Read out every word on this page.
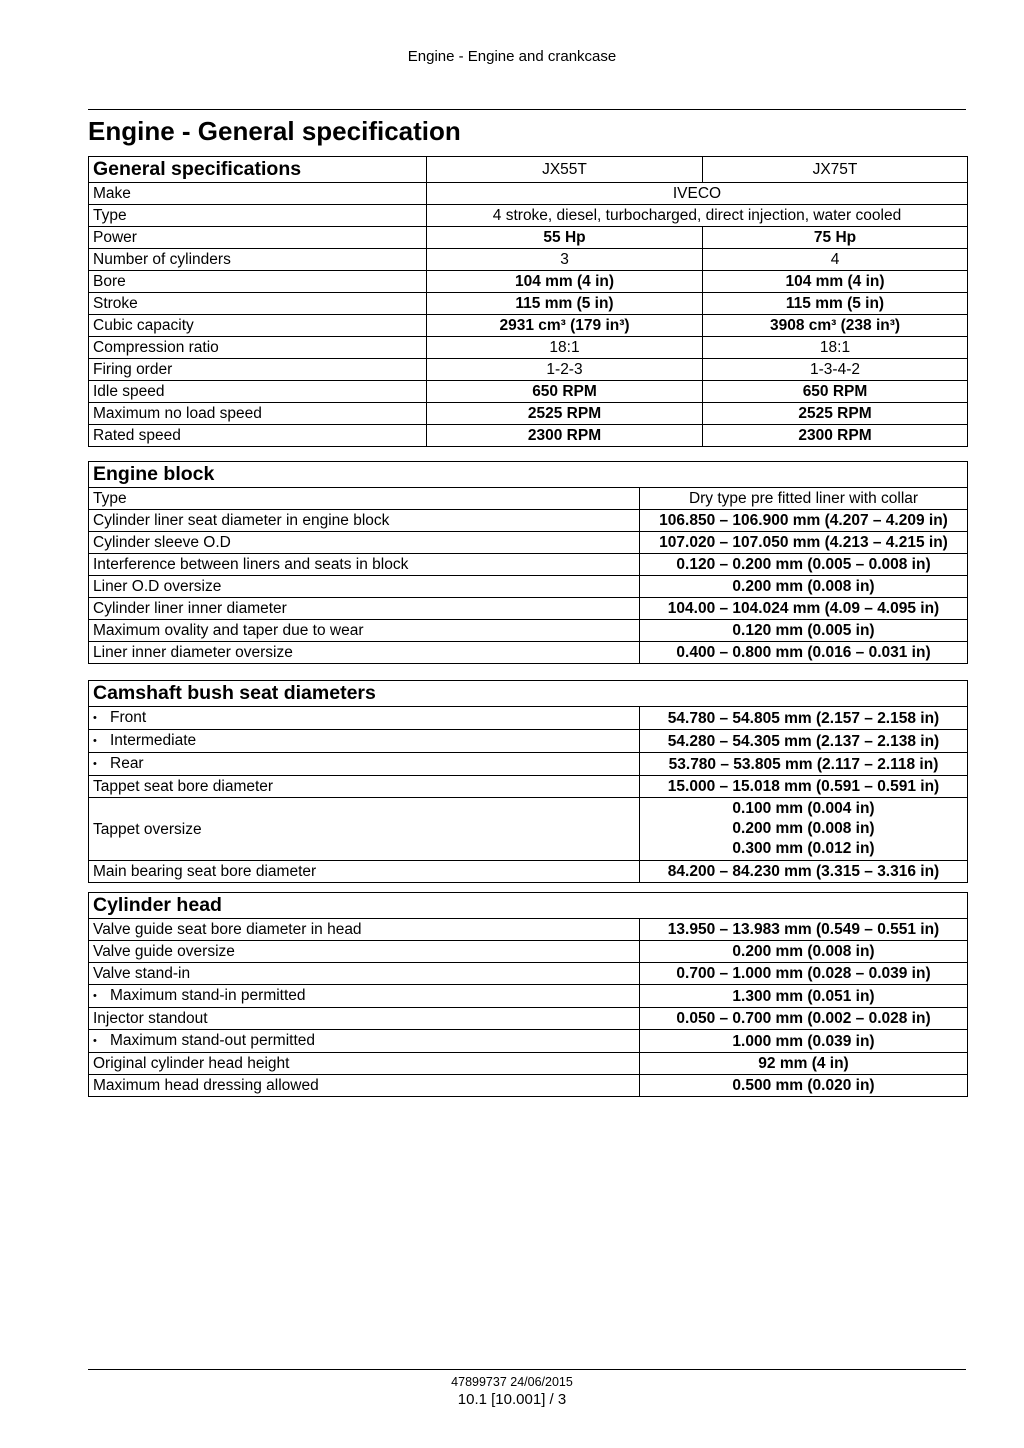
Engine - Engine and crankcase
Engine - General specification
General specifications	JX55T	JX75T
Make	IVECO	
Type	4 stroke, diesel, turbocharged, direct injection, water cooled	
Power	55 Hp	75 Hp
Number of cylinders	3	4
Bore	104 mm (4 in)	104 mm (4 in)
Stroke	115 mm (5 in)	115 mm (5 in)
Cubic capacity	2931 cm³ (179 in³)	3908 cm³ (238 in³)
Compression ratio	18:1	18:1
Firing order	1-2-3	1-3-4-2
Idle speed	650 RPM	650 RPM
Maximum no load speed	2525 RPM	2525 RPM
Rated speed	2300 RPM	2300 RPM
Engine block	
Type	Dry type pre fitted liner with collar
Cylinder liner seat diameter in engine block	106.850 – 106.900 mm (4.207 – 4.209 in)
Cylinder sleeve O.D	107.020 – 107.050 mm (4.213 – 4.215 in)
Interference between liners and seats in block	0.120 – 0.200 mm (0.005 – 0.008 in)
Liner O.D oversize	0.200 mm (0.008 in)
Cylinder liner inner diameter	104.00 – 104.024 mm (4.09 – 4.095 in)
Maximum ovality and taper due to wear	0.120 mm (0.005 in)
Liner inner diameter oversize	0.400 – 0.800 mm (0.016 – 0.031 in)
Camshaft bush seat diameters	
• Front	54.780 – 54.805 mm (2.157 – 2.158 in)
• Intermediate	54.280 – 54.305 mm (2.137 – 2.138 in)
• Rear	53.780 – 53.805 mm (2.117 – 2.118 in)
Tappet seat bore diameter	15.000 – 15.018 mm (0.591 – 0.591 in)
Tappet oversize	0.100 mm (0.004 in)
0.200 mm (0.008 in)
0.300 mm (0.012 in)

Main bearing seat bore diameter	84.200 – 84.230 mm (3.315 – 3.316 in)
Cylinder head	
Valve guide seat bore diameter in head	13.950 – 13.983 mm (0.549 – 0.551 in)
Valve guide oversize	0.200 mm (0.008 in)
Valve stand-in	0.700 – 1.000 mm (0.028 – 0.039 in)
• Maximum stand-in permitted	1.300 mm (0.051 in)
Injector standout	0.050 – 0.700 mm (0.002 – 0.028 in)
• Maximum stand-out permitted	1.000 mm (0.039 in)
Original cylinder head height	92 mm (4 in)
Maximum head dressing allowed	0.500 mm (0.020 in)
47899737 24/06/2015
10.1 [10.001] / 3
